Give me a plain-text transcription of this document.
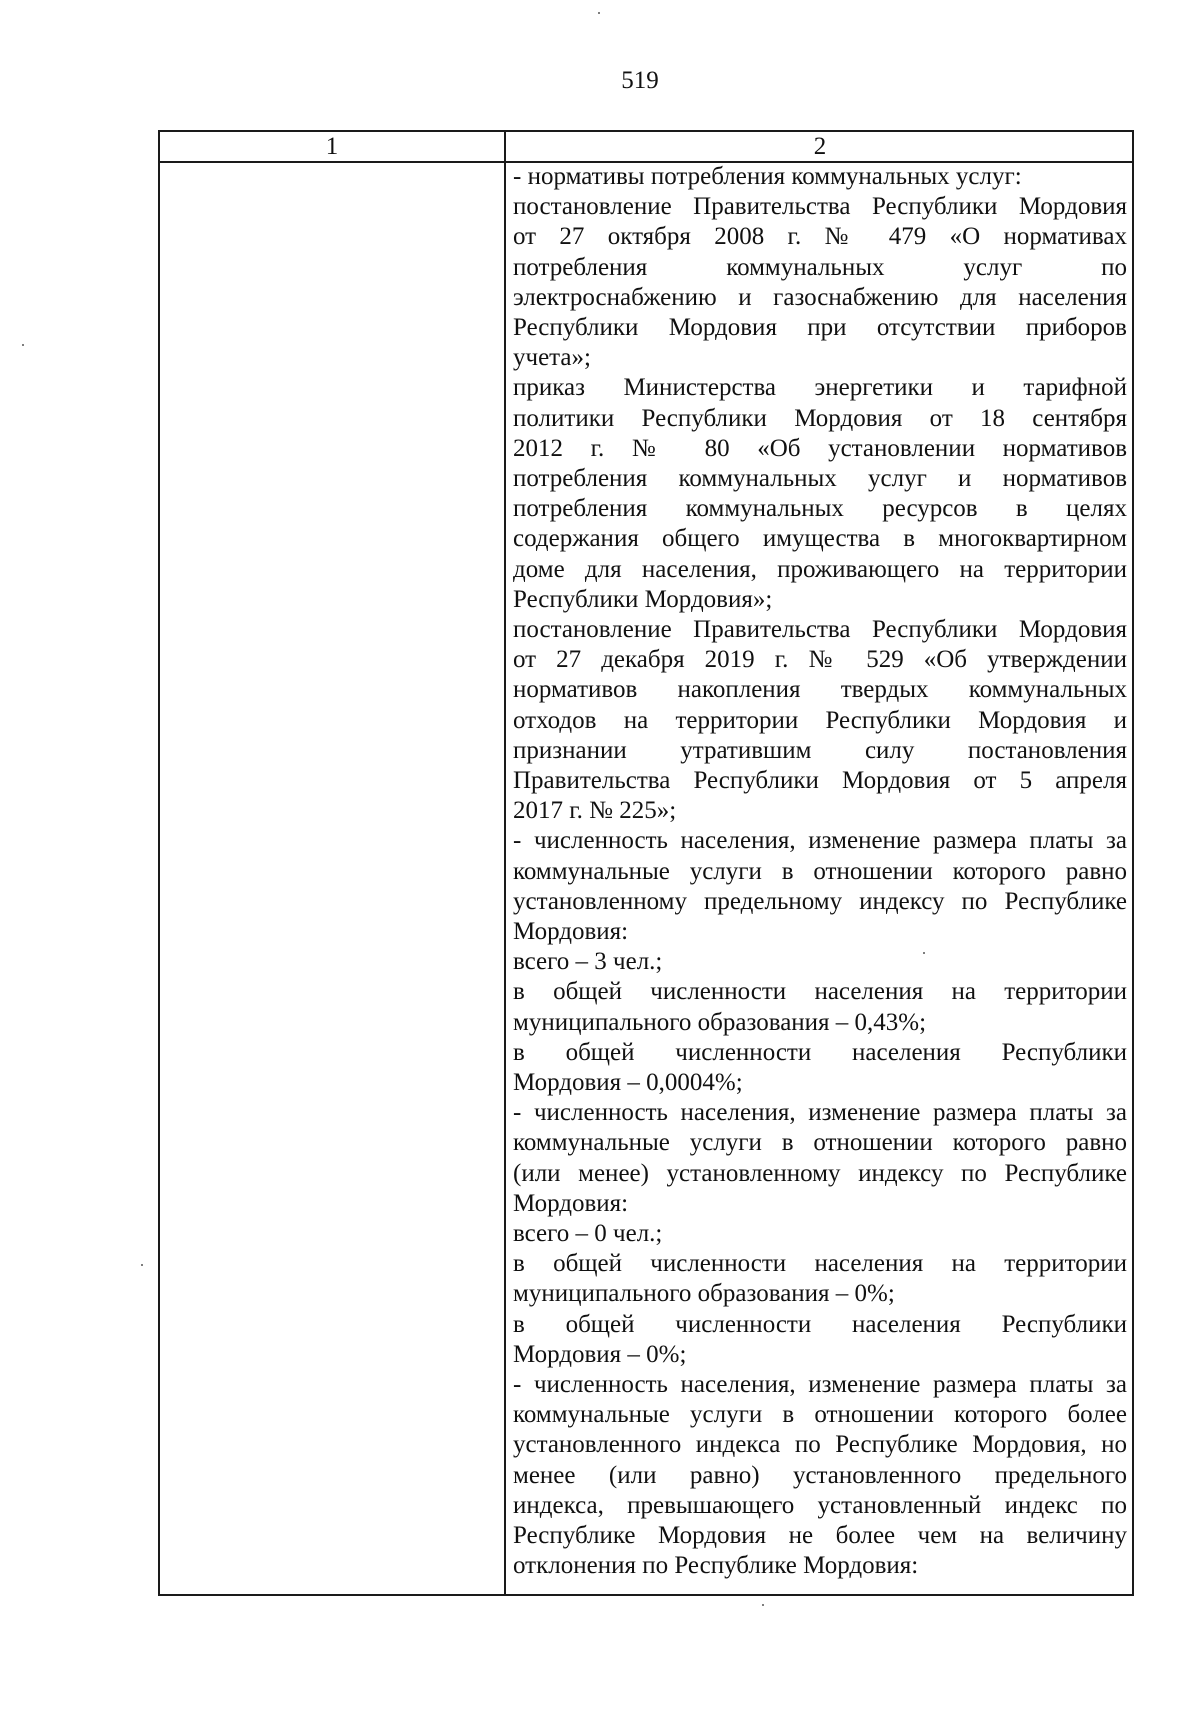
519
1	2
- нормативы потребления коммунальных услуг:
постановление Правительства Республики Мордовия
от 27 октября 2008 г. № 479 «О нормативах
потребления коммунальных услуг по
электроснабжению и газоснабжению для населения
Республики Мордовия при отсутствии приборов
учета»;
приказ Министерства энергетики и тарифной
политики Республики Мордовия от 18 сентября
2012 г. № 80 «Об установлении нормативов
потребления коммунальных услуг и нормативов
потребления коммунальных ресурсов в целях
содержания общего имущества в многоквартирном
доме для населения, проживающего на территории
Республики Мордовия»;
постановление Правительства Республики Мордовия
от 27 декабря 2019 г. № 529 «Об утверждении
нормативов накопления твердых коммунальных
отходов на территории Республики Мордовия и
признании утратившим силу постановления
Правительства Республики Мордовия от 5 апреля
2017 г. № 225»;
- численность населения, изменение размера платы за
коммунальные услуги в отношении которого равно
установленному предельному индексу по Республике
Мордовия:
всего – 3 чел.;
в общей численности населения на территории
муниципального образования – 0,43%;
в общей численности населения Республики
Мордовия – 0,0004%;
- численность населения, изменение размера платы за
коммунальные услуги в отношении которого равно
(или менее) установленному индексу по Республике
Мордовия:
всего – 0 чел.;
в общей численности населения на территории
муниципального образования – 0%;
в общей численности населения Республики
Мордовия – 0%;
- численность населения, изменение размера платы за
коммунальные услуги в отношении которого более
установленного индекса по Республике Мордовия, но
менее (или равно) установленного предельного
индекса, превышающего установленный индекс по
Республике Мордовия не более чем на величину
отклонения по Республике Мордовия:
